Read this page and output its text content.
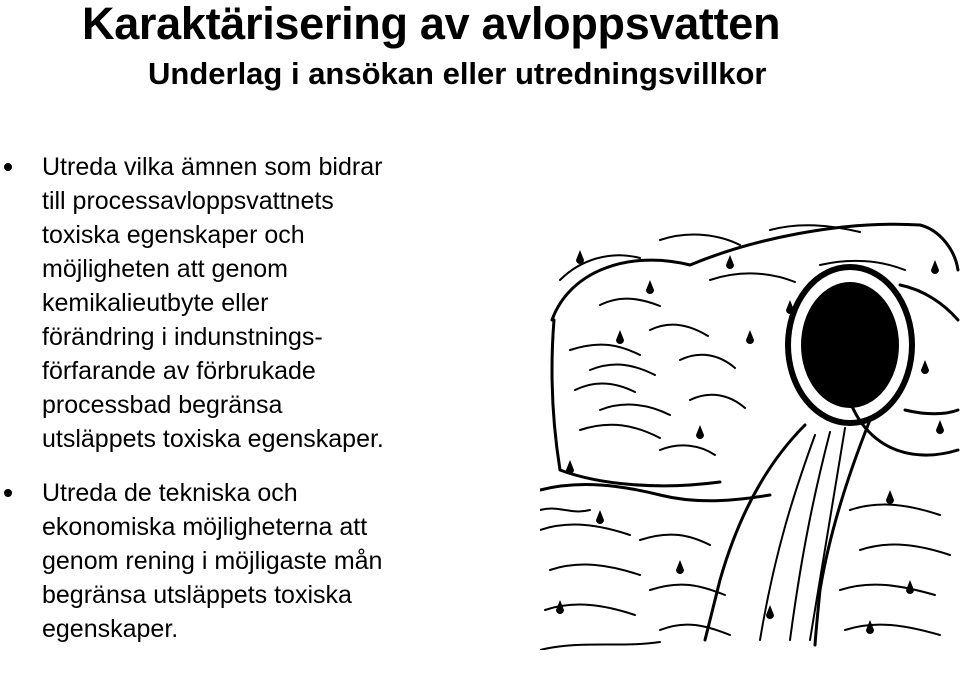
Karaktärisering av avloppsvatten
Underlag i ansökan eller utredningsvillkor
Utreda vilka ämnen som bidrar
till processavloppsvattnets
toxiska egenskaper och
möjligheten att genom
kemikalieutbyte eller
förändring i indunstnings-
förfarande av förbrukade
processbad begränsa
utsläppets toxiska egenskaper.
Utreda de tekniska och
ekonomiska möjligheterna att
genom rening i möjligaste mån
begränsa utsläppets toxiska
egenskaper.
